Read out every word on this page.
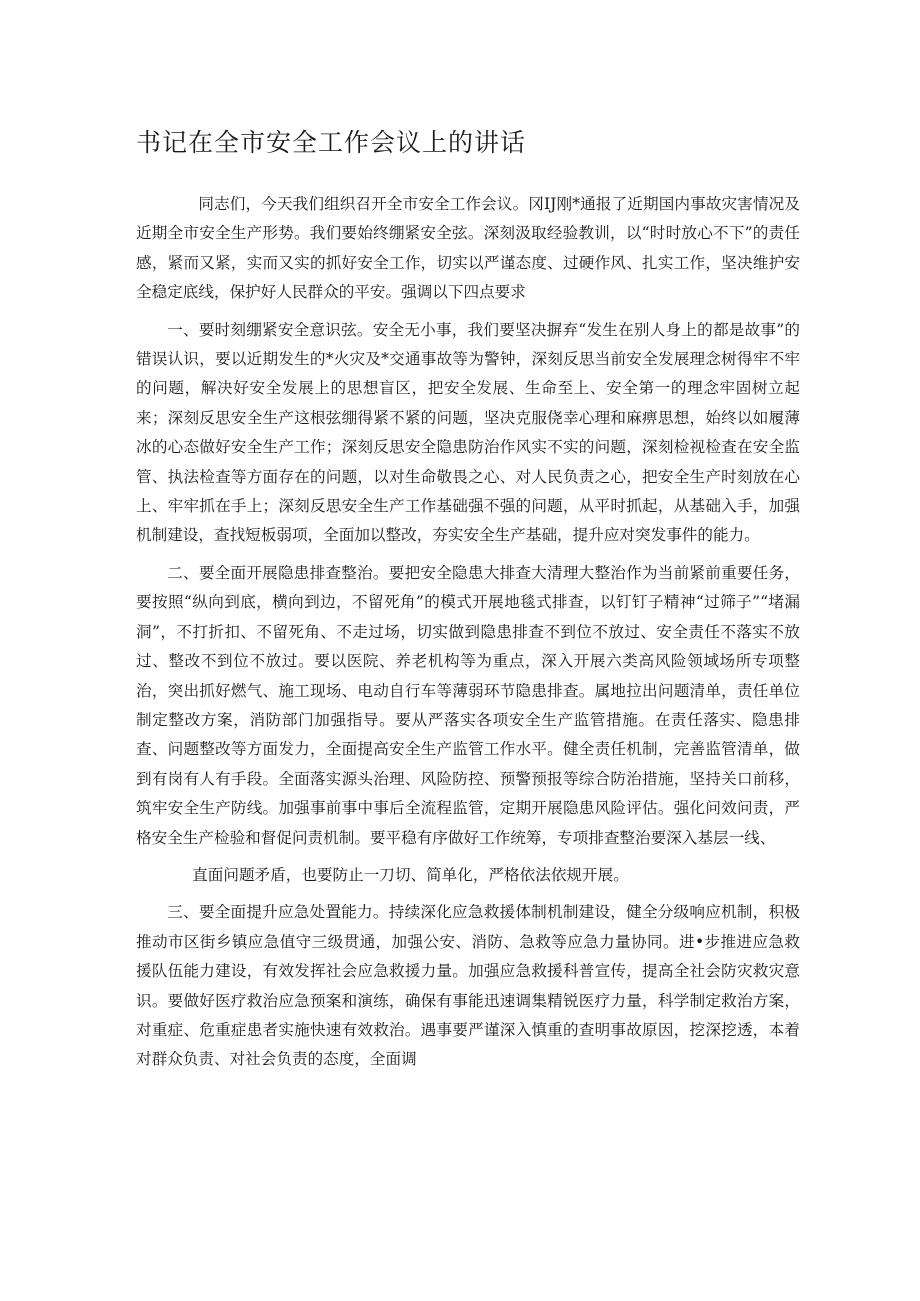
书记在全市安全工作会议上的讲话

同志们，今天我们组织召开全市安全工作会议。冈IJ刚*通报了近期国内事故灾害情况及近期全市安全生产形势。我们要始终绷紧安全弦。深刻汲取经验教训，以“时时放心不下”的责任感，紧而又紧，实而又实的抓好安全工作，切实以严谨态度、过硬作风、扎实工作，坚决维护安全稳定底线，保护好人民群众的平安。强调以下四点要求

一、要时刻绷紧安全意识弦。安全无小事，我们要坚决摒弃“发生在别人身上的都是故事”的错误认识，要以近期发生的*火灾及*交通事故等为警钟，深刻反思当前安全发展理念树得牢不牢的问题，解决好安全发展上的思想盲区，把安全发展、生命至上、安全第一的理念牢固树立起来；深刻反思安全生产这根弦绷得紧不紧的问题，坚决克服侥幸心理和麻痹思想，始终以如履薄冰的心态做好安全生产工作；深刻反思安全隐患防治作风实不实的问题，深刻检视检查在安全监管、执法检查等方面存在的问题，以对生命敬畏之心、对人民负责之心，把安全生产时刻放在心上、牢牢抓在手上；深刻反思安全生产工作基础强不强的问题，从平时抓起，从基础入手，加强机制建设，查找短板弱项，全面加以整改，夯实安全生产基础，提升应对突发事件的能力。

二、要全面开展隐患排查整治。要把安全隐患大排查大清理大整治作为当前紧前重要任务，要按照“纵向到底，横向到边，不留死角”的模式开展地毯式排查，以钉钉子精神“过筛子”“堵漏洞”，不打折扣、不留死角、不走过场，切实做到隐患排查不到位不放过、安全责任不落实不放过、整改不到位不放过。要以医院、养老机构等为重点，深入开展六类高风险领域场所专项整治，突出抓好燃气、施工现场、电动自行车等薄弱环节隐患排查。属地拉出问题清单，责任单位制定整改方案，消防部门加强指导。要从严落实各项安全生产监管措施。在责任落实、隐患排查、问题整改等方面发力，全面提高安全生产监管工作水平。健全责任机制，完善监管清单，做到有岗有人有手段。全面落实源头治理、风险防控、预警预报等综合防治措施，坚持关口前移，筑牢安全生产防线。加强事前事中事后全流程监管，定期开展隐患风险评估。强化问效问责，严格安全生产检验和督促问责机制。要平稳有序做好工作统筹，专项排查整治要深入基层一线、

直面问题矛盾，也要防止一刀切、简单化，严格依法依规开展。

三、要全面提升应急处置能力。持续深化应急救援体制机制建设，健全分级响应机制，积极推动市区街乡镇应急值守三级贯通，加强公安、消防、急救等应急力量协同。进•步推进应急救援队伍能力建设，有效发挥社会应急救援力量。加强应急救援科普宣传，提高全社会防灾救灾意识。要做好医疗救治应急预案和演练，确保有事能迅速调集精锐医疗力量，科学制定救治方案，对重症、危重症患者实施快速有效救治。遇事要严谨深入慎重的查明事故原因，挖深挖透，本着对群众负责、对社会负责的态度，全面调
